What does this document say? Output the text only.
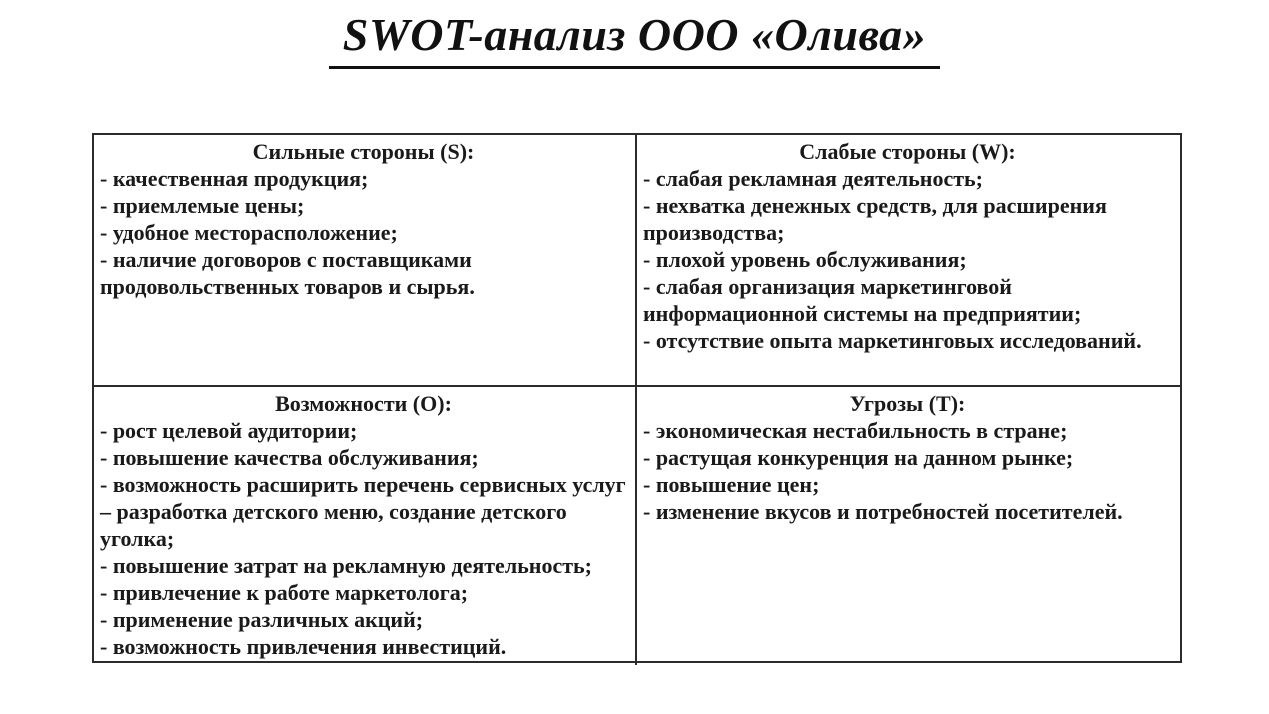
SWOT-анализ ООО «Олива»
Сильные стороны (S):
- качественная продукция;
- приемлемые цены;
- удобное месторасположение;
- наличие договоров с поставщиками продовольственных товаров и сырья.
Слабые стороны (W):
- слабая рекламная деятельность;
- нехватка денежных средств, для расширения производства;
- плохой уровень обслуживания;
- слабая организация маркетинговой информационной системы на предприятии;
- отсутствие опыта маркетинговых исследований.
Возможности (О):
- рост целевой аудитории;
- повышение качества обслуживания;
- возможность расширить перечень сервисных услуг – разработка детского меню, создание детского уголка;
- повышение затрат на рекламную деятельность;
- привлечение к работе маркетолога;
- применение различных акций;
- возможность привлечения инвестиций.
Угрозы (Т):
- экономическая нестабильность в стране;
- растущая конкуренция на данном рынке;
- повышение цен;
- изменение вкусов и потребностей посетителей.
